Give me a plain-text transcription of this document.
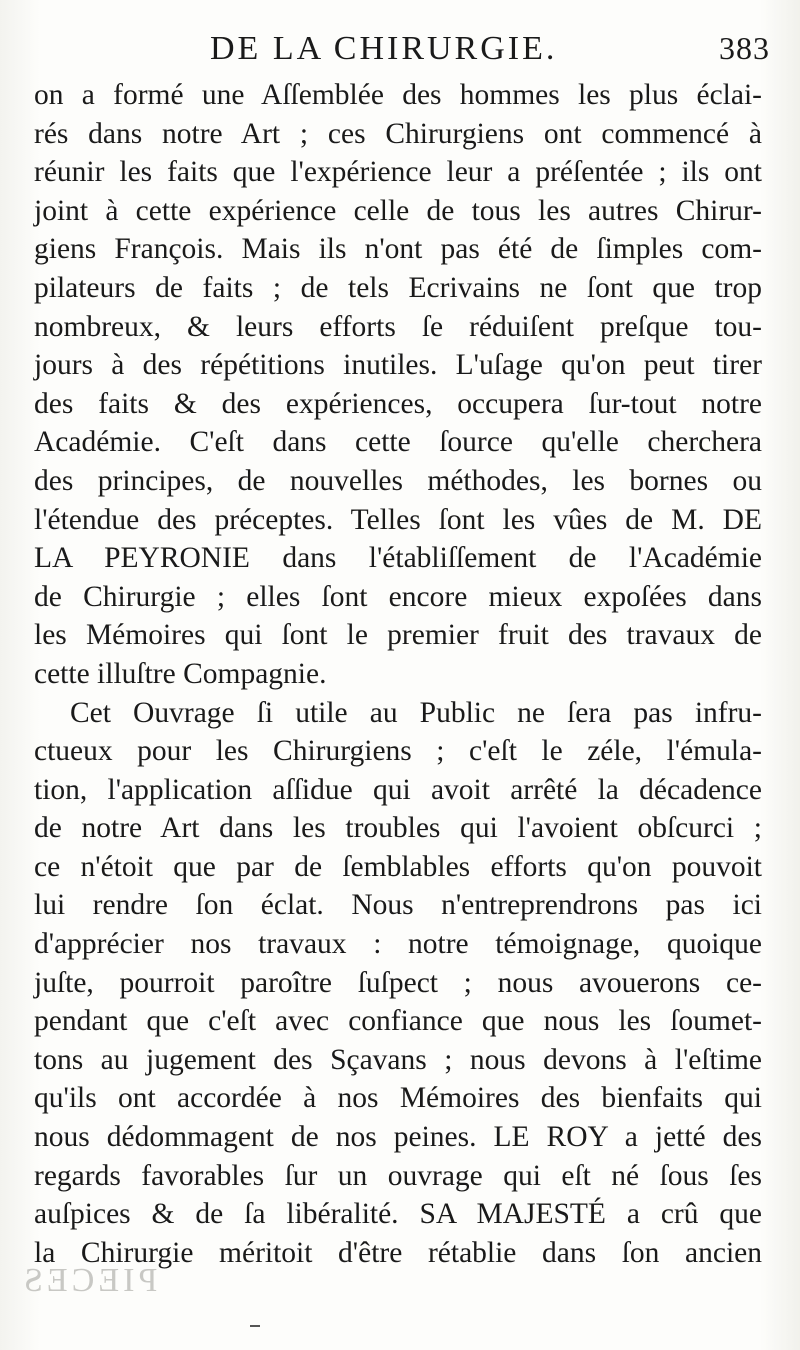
DE LA CHIRURGIE.	383
on a formé une Aſſemblée des hommes les plus éclai-
rés dans notre Art ; ces Chirurgiens ont commencé à
réunir les faits que l'expérience leur a préſentée ; ils ont
joint à cette expérience celle de tous les autres Chirur-
giens François. Mais ils n'ont pas été de ſimples com-
pilateurs de faits ; de tels Ecrivains ne ſont que trop
nombreux, & leurs efforts ſe réduiſent preſque tou-
jours à des répétitions inutiles. L'uſage qu'on peut tirer
des faits & des expériences, occupera ſur-tout notre
Académie. C'eſt dans cette ſource qu'elle cherchera
des principes, de nouvelles méthodes, les bornes ou
l'étendue des préceptes. Telles ſont les vûes de M. DE
LA PEYRONIE dans l'établiſſement de l'Académie
de Chirurgie ; elles ſont encore mieux expoſées dans
les Mémoires qui ſont le premier fruit des travaux de
cette illuſtre Compagnie.
Cet Ouvrage ſi utile au Public ne ſera pas infru-
ctueux pour les Chirurgiens ; c'eſt le zéle, l'émula-
tion, l'application aſſidue qui avoit arrêté la décadence
de notre Art dans les troubles qui l'avoient obſcurci ;
ce n'étoit que par de ſemblables efforts qu'on pouvoit
lui rendre ſon éclat. Nous n'entreprendrons pas ici
d'apprécier nos travaux : notre témoignage, quoique
juſte, pourroit paroître ſuſpect ; nous avouerons ce-
pendant que c'eſt avec confiance que nous les ſoumet-
tons au jugement des Sçavans ; nous devons à l'eſtime
qu'ils ont accordée à nos Mémoires des bienfaits qui
nous dédommagent de nos peines. LE ROY a jetté des
regards favorables ſur un ouvrage qui eſt né ſous ſes
auſpices & de ſa libéralité. SA MAJESTÉ a crû que
la Chirurgie méritoit d'être rétablie dans ſon ancien
PIECES
